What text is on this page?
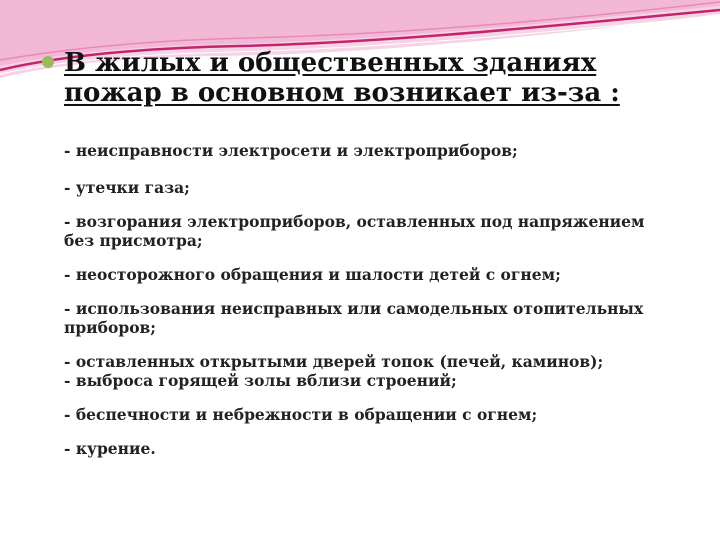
В жилых и общественных зданиях
пожар в основном возникает из-за :
- неисправности электросети и электроприборов;
- утечки газа;
- возгорания электроприборов, оставленных под напряжением
без присмотра;
- неосторожного обращения и шалости детей с огнем;
- использования неисправных или самодельных отопительных
приборов;
- оставленных открытыми дверей топок (печей, каминов);
- выброса горящей золы вблизи строений;
- беспечности и небрежности в обращении с огнем;
- курение.
